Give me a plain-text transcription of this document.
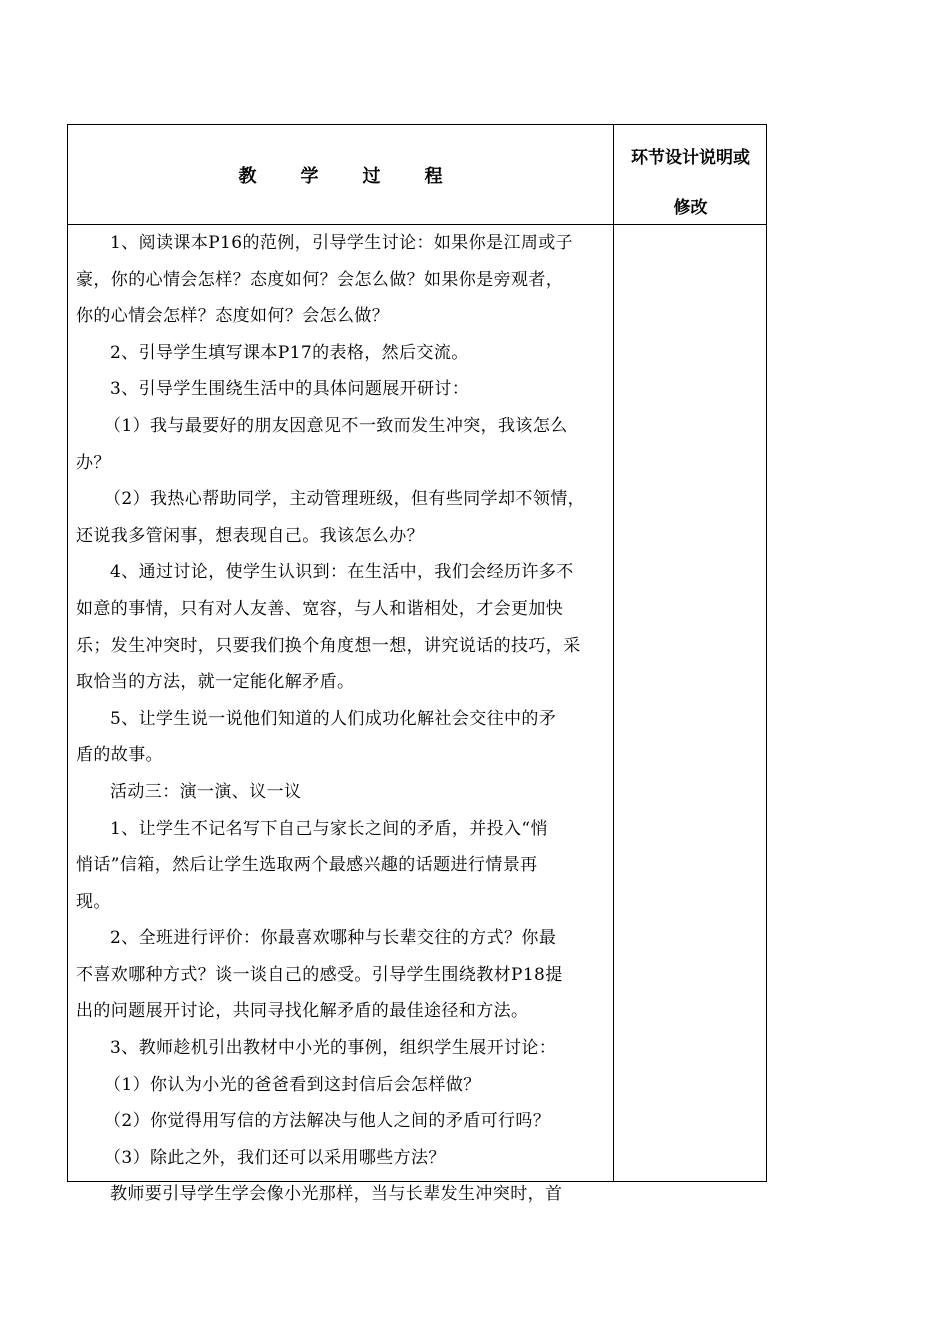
教学过程
环节设计说明或
修改
1、阅读课本P16的范例，引导学生讨论：如果你是江周或子
豪，你的心情会怎样？态度如何？会怎么做？如果你是旁观者，
你的心情会怎样？态度如何？会怎么做？
2、引导学生填写课本P17的表格，然后交流。
3、引导学生围绕生活中的具体问题展开研讨：
（1）我与最要好的朋友因意见不一致而发生冲突，我该怎么
办？
（2）我热心帮助同学，主动管理班级，但有些同学却不领情，
还说我多管闲事，想表现自己。我该怎么办？
4、通过讨论，使学生认识到：在生活中，我们会经历许多不
如意的事情，只有对人友善、宽容，与人和谐相处，才会更加快
乐；发生冲突时，只要我们换个角度想一想，讲究说话的技巧，采
取恰当的方法，就一定能化解矛盾。
5、让学生说一说他们知道的人们成功化解社会交往中的矛
盾的故事。
活动三：演一演、议一议
1、让学生不记名写下自己与家长之间的矛盾，并投入“悄
悄话”信箱，然后让学生选取两个最感兴趣的话题进行情景再
现。
2、全班进行评价：你最喜欢哪种与长辈交往的方式？你最
不喜欢哪种方式？谈一谈自己的感受。引导学生围绕教材P18提
出的问题展开讨论，共同寻找化解矛盾的最佳途径和方法。
3、教师趁机引出教材中小光的事例，组织学生展开讨论：
（1）你认为小光的爸爸看到这封信后会怎样做？
（2）你觉得用写信的方法解决与他人之间的矛盾可行吗？
（3）除此之外，我们还可以采用哪些方法？
教师要引导学生学会像小光那样，当与长辈发生冲突时，首
